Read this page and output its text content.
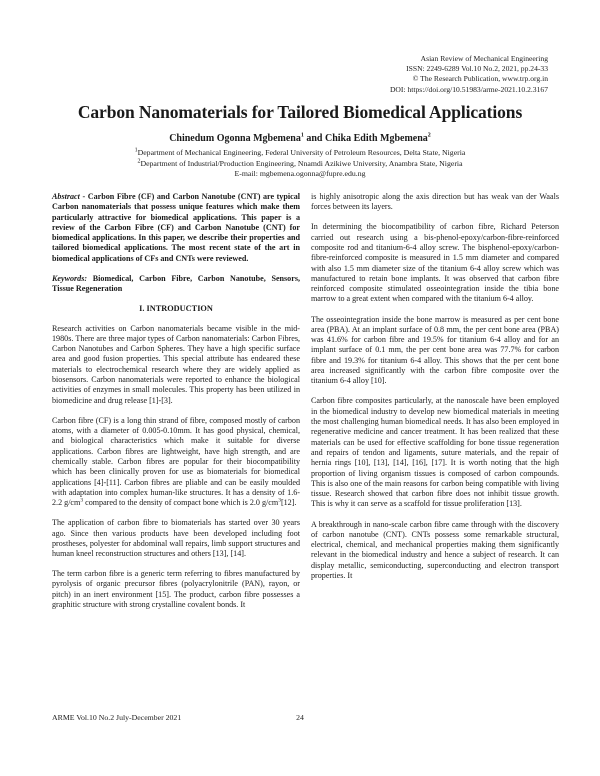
Asian Review of Mechanical Engineering
ISSN: 2249-6289 Vol.10 No.2, 2021, pp.24-33
© The Research Publication, www.trp.org.in
DOI: https://doi.org/10.51983/arme-2021.10.2.3167
Carbon Nanomaterials for Tailored Biomedical Applications
Chinedum Ogonna Mgbemena$^1$ and Chika Edith Mgbemena$^2$
$^1$Department of Mechanical Engineering, Federal University of Petroleum Resources, Delta State, Nigeria
$^2$Department of Industrial/Production Engineering, Nnamdi Azikiwe University, Anambra State, Nigeria
E-mail: mgbemena.ogonna@fupre.edu.ng

Abstract - Carbon Fibre (CF) and Carbon Nanotube (CNT) are typical Carbon nanomaterials that possess unique features which make them particularly attractive for biomedical applications. This paper is a review of the Carbon Fibre (CF) and Carbon Nanotube (CNT) for biomedical applications. In this paper, we describe their properties and tailored biomedical applications. The most recent state of the art in biomedical applications of CFs and CNTs were reviewed.

Keywords: Biomedical, Carbon Fibre, Carbon Nanotube, Sensors, Tissue Regeneration

I. INTRODUCTION

Research activities on Carbon nanomaterials became visible in the mid-1980s. There are three major types of Carbon nanomaterials: Carbon Fibres, Carbon Nanotubes and Carbon Spheres. They have a high specific surface area and good fusion properties. This special attribute has endeared these materials to electrochemical research where they are widely applied as biosensors. Carbon nanomaterials were reported to enhance the biological activities of enzymes in small molecules. This property has been utilized in biomedicine and drug release [1]-[3].

Carbon fibre (CF) is a long thin strand of fibre, composed mostly of carbon atoms, with a diameter of 0.005-0.10mm. It has good physical, chemical, and biological characteristics which make it suitable for diverse applications. Carbon fibres are lightweight, have high strength, and are chemically stable. Carbon fibres are popular for their biocompatibility which has been clinically proven for use as biomaterials for biomedical applications [4]-[11]. Carbon fibres are pliable and can be easily moulded with adaptation into complex human-like structures. It has a density of 1.6-2.2 $g/cm^3$ compared to the density of compact bone which is 2.0 $g/cm^3[12]$.

The application of carbon fibre to biomaterials has started over 30 years ago. Since then various products have been developed including foot prostheses, polyester for abdominal wall repairs, limb support structures and human kneel reconstruction structures and others [13], [14].

The term carbon fibre is a generic term referring to fibres manufactured by pyrolysis of organic precursor fibres (polyacrylonitrile (PAN), rayon, or pitch) in an inert environment [15]. The product, carbon fibre possesses a graphitic structure with strong crystalline covalent bonds. It

is highly anisotropic along the axis direction but has weak van der Waals forces between its layers.

In determining the biocompatibility of carbon fibre, Richard Peterson carried out research using a bis-phenol-epoxy/carbon-fibre-reinforced composite rod and titanium-6-4 alloy screw. The bisphenol-epoxy/carbon-fibre-reinforced composite is measured in 1.5 mm diameter and compared with also 1.5 mm diameter size of the titanium 6-4 alloy screw which was manufactured to retain bone implants. It was observed that carbon fibre reinforced composite stimulated osseointegration inside the tibia bone marrow to a great extent when compared with the titanium 6-4 alloy.

The osseointegration inside the bone marrow is measured as per cent bone area (PBA). At an implant surface of 0.8 mm, the per cent bone area (PBA) was 41.6% for carbon fibre and 19.5% for titanium 6-4 alloy and for an implant surface of 0.1 mm, the per cent bone area was 77.7% for carbon fibre and 19.3% for titanium 6-4 alloy. This shows that the per cent bone area increased significantly with the carbon fibre composite over the titanium 6-4 alloy [10].

Carbon fibre composites particularly, at the nanoscale have been employed in the biomedical industry to develop new biomedical materials in meeting the most challenging human biomedical needs. It has also been employed in regenerative medicine and cancer treatment. It has been realized that these materials can be used for effective scaffolding for bone tissue regeneration and repairs of tendon and ligaments, suture materials, and the repair of hernia rings [10], [13], [14], [16], [17]. It is worth noting that the high proportion of living organism tissues is composed of carbon compounds. This is also one of the main reasons for carbon being compatible with living tissue. Research showed that carbon fibre does not inhibit tissue growth. This is why it can serve as a scaffold for tissue proliferation [13].

A breakthrough in nano-scale carbon fibre came through with the discovery of carbon nanotube (CNT). CNTs possess some remarkable structural, electrical, chemical, and mechanical properties making them significantly relevant in the biomedical industry and hence a subject of research. It can display metallic, semiconducting, superconducting and electron transport properties. It

ARME Vol.10 No.2 July-December 2021	24
